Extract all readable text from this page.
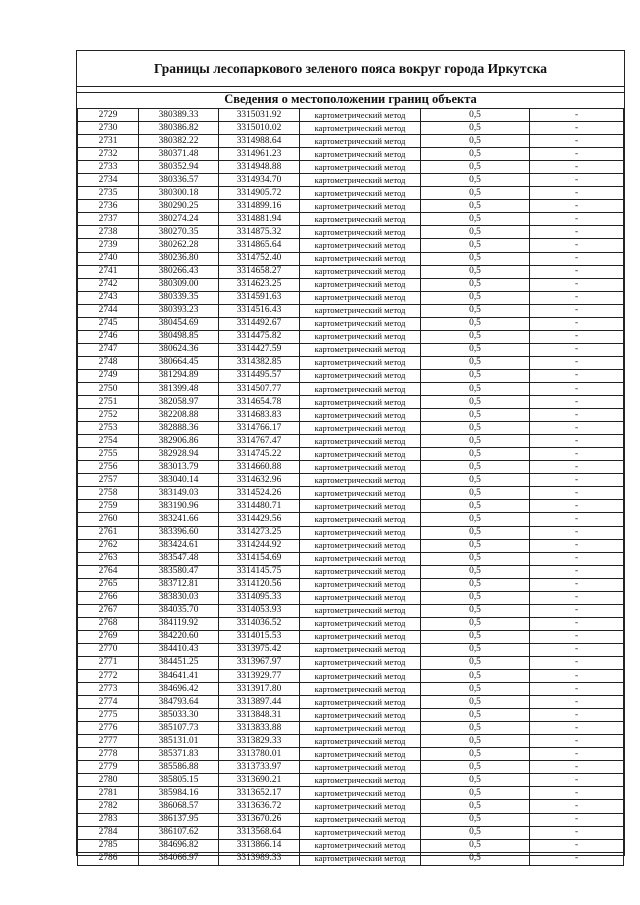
Границы лесопаркового зеленого пояса вокруг города Иркутска
Сведения о местоположении границ объекта
2729	380389.33	3315031.92	картометрический метод	0,5	-
2730	380386.82	3315010.02	картометрический метод	0,5	-
2731	380382.22	3314988.64	картометрический метод	0,5	-
2732	380371.48	3314961.23	картометрический метод	0,5	-
2733	380352.94	3314948.88	картометрический метод	0,5	-
2734	380336.57	3314934.70	картометрический метод	0,5	-
2735	380300.18	3314905.72	картометрический метод	0,5	-
2736	380290.25	3314899.16	картометрический метод	0,5	-
2737	380274.24	3314881.94	картометрический метод	0,5	-
2738	380270.35	3314875.32	картометрический метод	0,5	-
2739	380262.28	3314865.64	картометрический метод	0,5	-
2740	380236.80	3314752.40	картометрический метод	0,5	-
2741	380266.43	3314658.27	картометрический метод	0,5	-
2742	380309.00	3314623.25	картометрический метод	0,5	-
2743	380339.35	3314591.63	картометрический метод	0,5	-
2744	380393.23	3314516.43	картометрический метод	0,5	-
2745	380454.69	3314492.67	картометрический метод	0,5	-
2746	380498.85	3314475.82	картометрический метод	0,5	-
2747	380624.36	3314427.59	картометрический метод	0,5	-
2748	380664.45	3314382.85	картометрический метод	0,5	-
2749	381294.89	3314495.57	картометрический метод	0,5	-
2750	381399.48	3314507.77	картометрический метод	0,5	-
2751	382058.97	3314654.78	картометрический метод	0,5	-
2752	382208.88	3314683.83	картометрический метод	0,5	-
2753	382888.36	3314766.17	картометрический метод	0,5	-
2754	382906.86	3314767.47	картометрический метод	0,5	-
2755	382928.94	3314745.22	картометрический метод	0,5	-
2756	383013.79	3314660.88	картометрический метод	0,5	-
2757	383040.14	3314632.96	картометрический метод	0,5	-
2758	383149.03	3314524.26	картометрический метод	0,5	-
2759	383190.96	3314480.71	картометрический метод	0,5	-
2760	383241.66	3314429.56	картометрический метод	0,5	-
2761	383396.60	3314273.25	картометрический метод	0,5	-
2762	383424.61	3314244.92	картометрический метод	0,5	-
2763	383547.48	3314154.69	картометрический метод	0,5	-
2764	383580.47	3314145.75	картометрический метод	0,5	-
2765	383712.81	3314120.56	картометрический метод	0,5	-
2766	383830.03	3314095.33	картометрический метод	0,5	-
2767	384035.70	3314053.93	картометрический метод	0,5	-
2768	384119.92	3314036.52	картометрический метод	0,5	-
2769	384220.60	3314015.53	картометрический метод	0,5	-
2770	384410.43	3313975.42	картометрический метод	0,5	-
2771	384451.25	3313967.97	картометрический метод	0,5	-
2772	384641.41	3313929.77	картометрический метод	0,5	-
2773	384696.42	3313917.80	картометрический метод	0,5	-
2774	384793.64	3313897.44	картометрический метод	0,5	-
2775	385033.30	3313848.31	картометрический метод	0,5	-
2776	385107.73	3313833.88	картометрический метод	0,5	-
2777	385131.01	3313829.33	картометрический метод	0,5	-
2778	385371.83	3313780.01	картометрический метод	0,5	-
2779	385586.88	3313733.97	картометрический метод	0,5	-
2780	385805.15	3313690.21	картометрический метод	0,5	-
2781	385984.16	3313652.17	картометрический метод	0,5	-
2782	386068.57	3313636.72	картометрический метод	0,5	-
2783	386137.95	3313670.26	картометрический метод	0,5	-
2784	386107.62	3313568.64	картометрический метод	0,5	-
2785	384696.82	3313866.14	картометрический метод	0,5	-
2786	384066.97	3313989.33	картометрический метод	0,5	-
